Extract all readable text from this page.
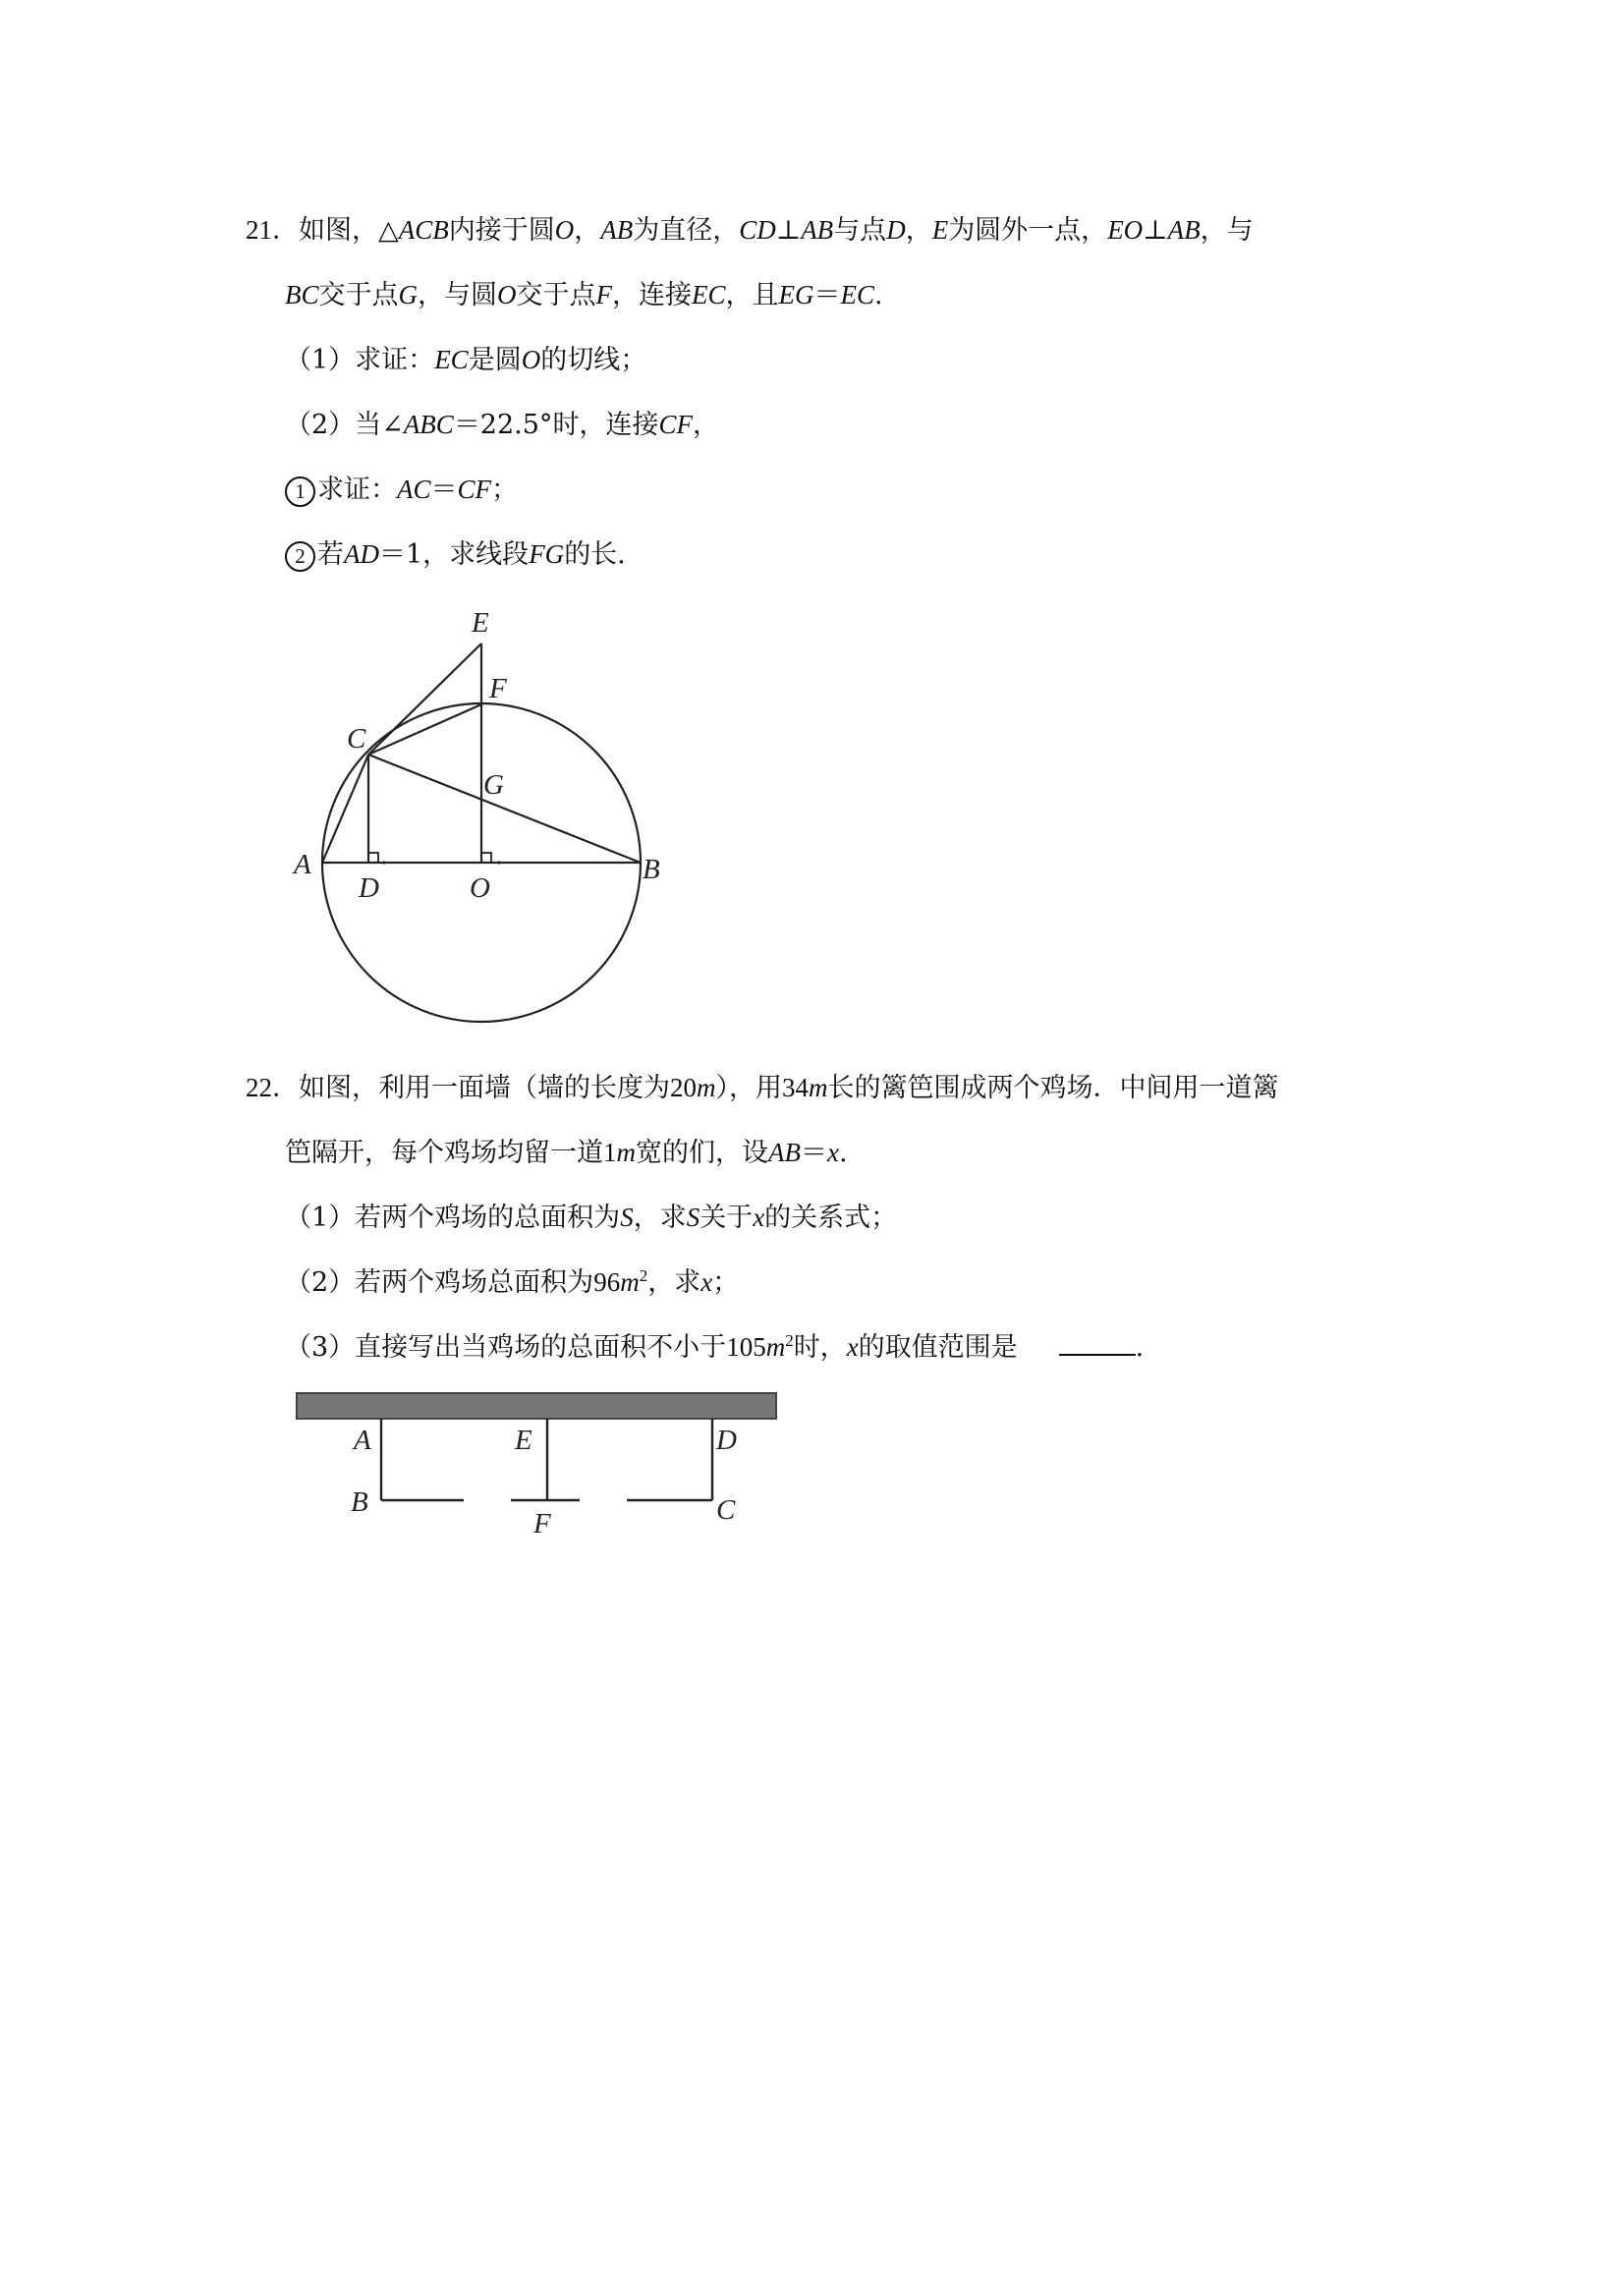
21．如图，△ACB内接于圆O，AB为直径，CD⊥AB与点D，E为圆外一点，EO⊥AB，与
BC交于点G，与圆O交于点F，连接EC，且EG＝EC.
（1）求证：EC是圆O的切线；
（2）当∠ABC＝22.5°时，连接CF，
1 求证：AC＝CF；
2 若AD＝1，求线段FG的长.
A	B
C
D
E
F
G
O
22．如图，利用一面墙（墙的长度为20m），用34m长的篱笆围成两个鸡场．中间用一道篱
笆隔开，每个鸡场均留一道1m宽的们，设AB＝x.
（1）若两个鸡场的总面积为S，求S关于x的关系式；
（2）若两个鸡场总面积为$96m^2$，求x；
（3）直接写出当鸡场的总面积不小于$105m^2$时，x的取值范围是	.
A
B
E
F
D
C
